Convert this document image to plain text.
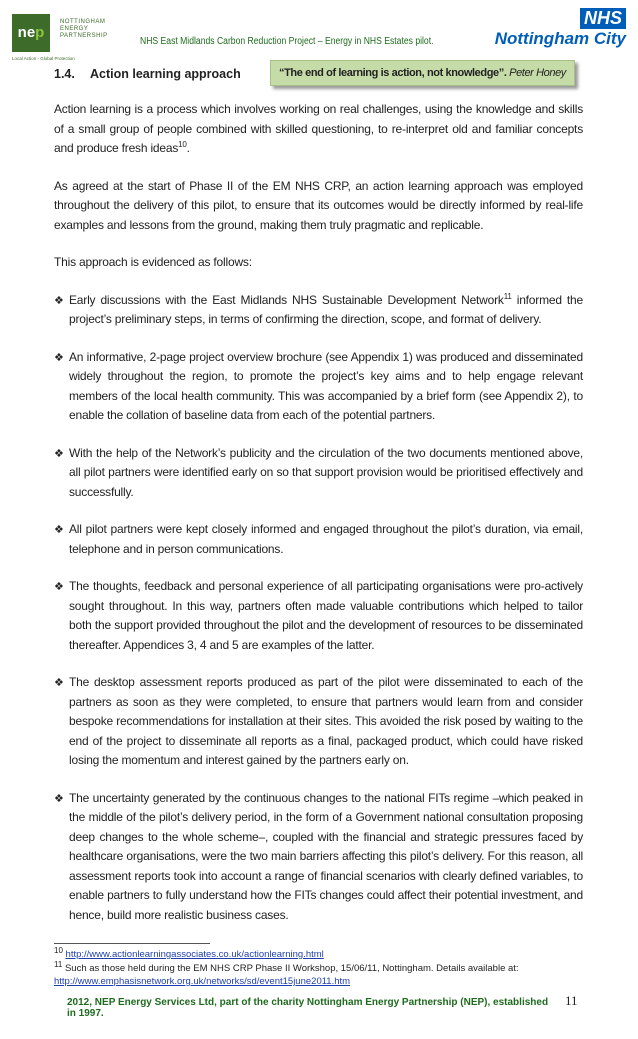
nep
NOTTINGHAM
ENERGY
PARTNERSHIP
Local Action - Global Protection
NHS East Midlands Carbon Reduction Project – Energy in NHS Estates pilot.
NHS
Nottingham City
1.4. Action learning approach	“The end of learning is action, not knowledge”. Peter Honey

Action learning is a process which involves working on real challenges, using the knowledge and skills of a small group of people combined with skilled questioning, to re-interpret old and familiar concepts and produce fresh ideas$^{10}$.

As agreed at the start of Phase II of the EM NHS CRP, an action learning approach was employed throughout the delivery of this pilot, to ensure that its outcomes would be directly informed by real-life examples and lessons from the ground, making them truly pragmatic and replicable.

This approach is evidenced as follows:

❖ Early discussions with the East Midlands NHS Sustainable Development Network$^{11}$ informed the project’s preliminary steps, in terms of confirming the direction, scope, and format of delivery.
❖ An informative, 2-page project overview brochure (see Appendix 1) was produced and disseminated widely throughout the region, to promote the project’s key aims and to help engage relevant members of the local health community. This was accompanied by a brief form (see Appendix 2), to enable the collation of baseline data from each of the potential partners.
❖ With the help of the Network’s publicity and the circulation of the two documents mentioned above, all pilot partners were identified early on so that support provision would be prioritised effectively and successfully.
❖ All pilot partners were kept closely informed and engaged throughout the pilot’s duration, via email, telephone and in person communications.
❖ The thoughts, feedback and personal experience of all participating organisations were pro-actively sought throughout. In this way, partners often made valuable contributions which helped to tailor both the support provided throughout the pilot and the development of resources to be disseminated thereafter. Appendices 3, 4 and 5 are examples of the latter.
❖ The desktop assessment reports produced as part of the pilot were disseminated to each of the partners as soon as they were completed, to ensure that partners would learn from and consider bespoke recommendations for installation at their sites. This avoided the risk posed by waiting to the end of the project to disseminate all reports as a final, packaged product, which could have risked losing the momentum and interest gained by the partners early on.
❖ The uncertainty generated by the continuous changes to the national FITs regime –which peaked in the middle of the pilot’s delivery period, in the form of a Government national consultation proposing deep changes to the whole scheme–, coupled with the financial and strategic pressures faced by healthcare organisations, were the two main barriers affecting this pilot’s delivery. For this reason, all assessment reports took into account a range of financial scenarios with clearly defined variables, to enable partners to fully understand how the FITs changes could affect their potential investment, and hence, build more realistic business cases.
$^{10}$ http://www.actionlearningassociates.co.uk/actionlearning.html
$^{11}$ Such as those held during the EM NHS CRP Phase II Workshop, 15/06/11, Nottingham. Details available at:
http://www.emphasisnetwork.org.uk/networks/sd/event15june2011.htm
2012, NEP Energy Services Ltd, part of the charity Nottingham Energy Partnership (NEP), established in 1997.
11
